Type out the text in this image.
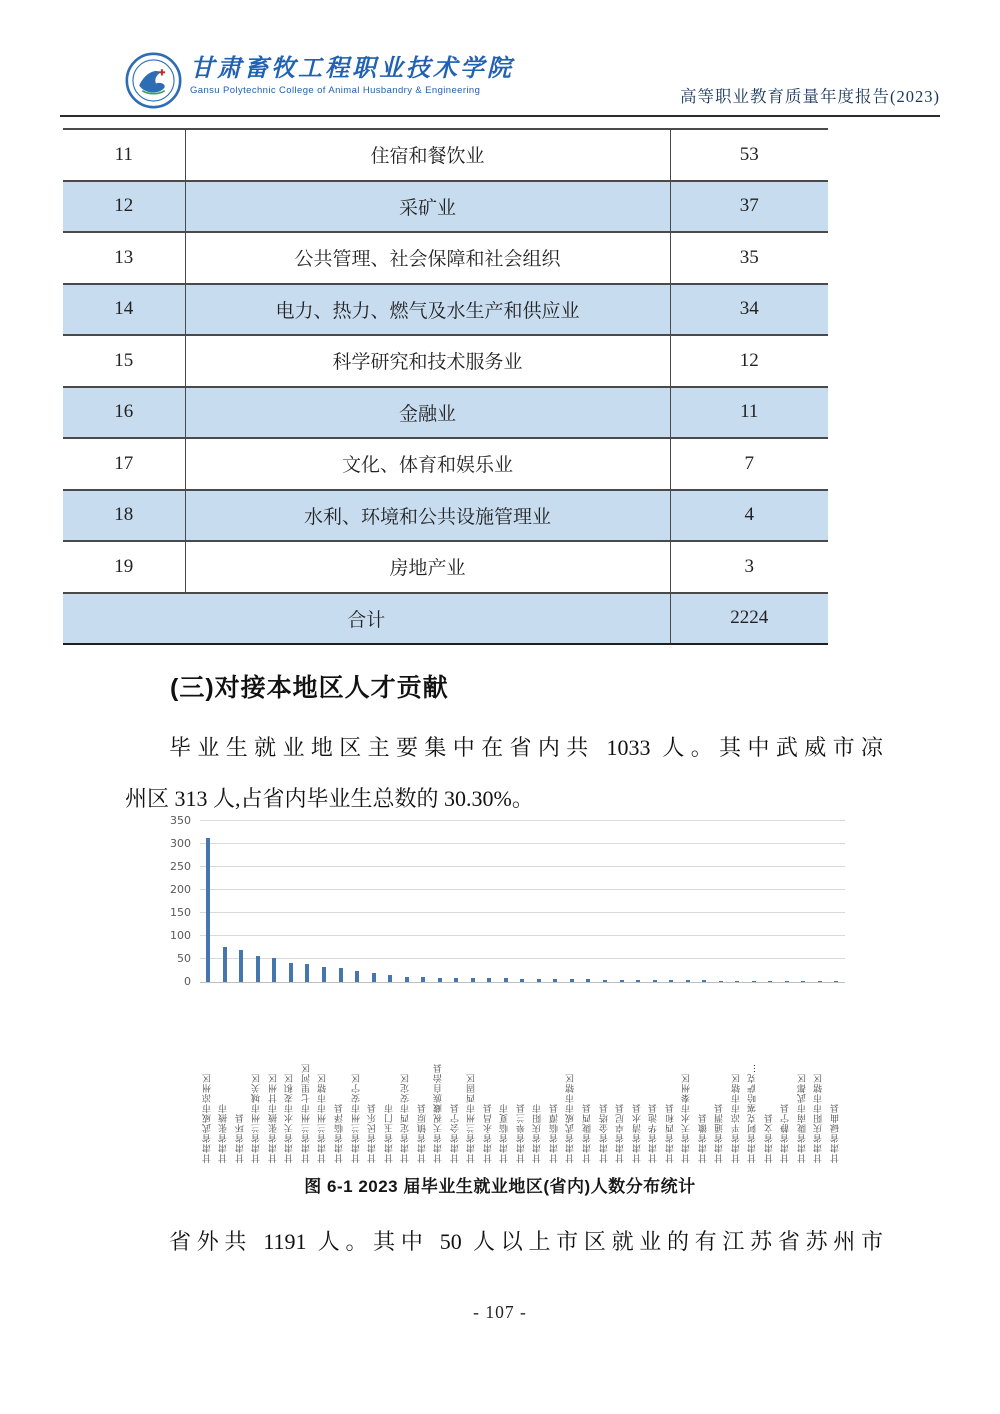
甘肃畜牧工程职业技术学院
Gansu Polytechnic College of Animal Husbandry & Engineering	高等职业教育质量年度报告(2023)
11	住宿和餐饮业	53
12	采矿业	37
13	公共管理、社会保障和社会组织	35
14	电力、热力、燃气及水生产和供应业	34
15	科学研究和技术服务业	12
16	金融业	11
17	文化、体育和娱乐业	7
18	水利、环境和公共设施管理业	4
19	房地产业	3
合计		2224
(三)对接本地区人才贡献

毕业生就业地区主要集中在省内共 1033 人。其中武威市凉
州区 313 人,占省内毕业生总数的 30.30%。

0
50
100
150
200
250
300
350
甘肃省武威市凉州区 甘肃省张掖市 甘肃省环县 甘肃省兰州市城关区 甘肃省张掖市甘州区 甘肃省天水市麦积区 甘肃省兰州市七里河区 甘肃省兰州市市辖区 甘肃省临泽县 甘肃省兰州市安宁区 甘肃省民乐县 甘肃省玉门市 甘肃省定西市安定区 甘肃省镇原县 甘肃省天祝藏族自治县 甘肃省会宁县 甘肃省兰州市西固区 甘肃省永昌县 甘肃省临夏市 甘肃省皋兰县 甘肃省庆阳市 甘肃省临潭县 甘肃省武威市市辖区 甘肃省陇西县 甘肃省金塔县 甘肃省卓尼县 甘肃省清水县 甘肃省华池县 甘肃省西和县 甘肃省天水市秦州区 甘肃省徽县 甘肃省通渭县 甘肃省平凉市市辖区 甘肃省阿克塞哈萨克… 甘肃省文县 甘肃省静宁县 甘肃省陇南市武都区 甘肃省庆阳市市辖区 甘肃省碌曲县
图 6-1 2023 届毕业生就业地区(省内)人数分布统计

省外共 1191 人。其中 50 人以上市区就业的有江苏省苏州市

- 107 -
